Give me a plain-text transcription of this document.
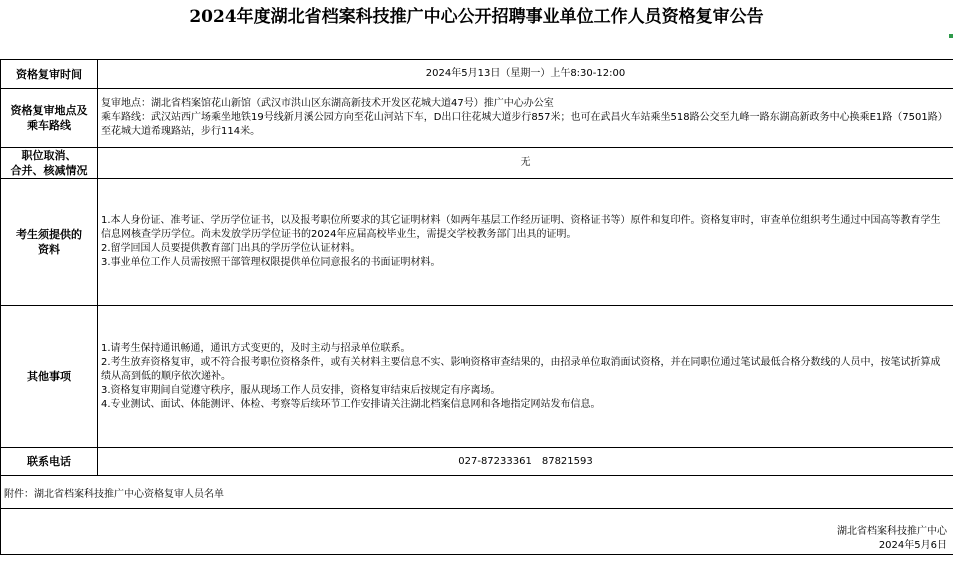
2024年度湖北省档案科技推广中心公开招聘事业单位工作人员资格复审公告
资格复审时间	2024年5月13日（星期一）上午8:30-12:00

资格复审地点及
乘车路线	复审地点：湖北省档案馆花山新馆（武汉市洪山区东湖高新技术开发区花城大道47号）推广中心办公室
乘车路线：武汉站西广场乘坐地铁19号线新月溪公园方向至花山河站下车，D出口往花城大道步行857米；也可在武昌火车站乘坐518路公交至九峰一路东湖高新政务中心换乘E1路（7501路）至花城大道希瑰路站，步行114米。

职位取消、
合并、核减情况	无

考生须提供的
资料	1.本人身份证、准考证、学历学位证书，以及报考职位所要求的其它证明材料（如两年基层工作经历证明、资格证书等）原件和复印件。资格复审时，审查单位组织考生通过中国高等教育学生信息网核查学历学位。尚未发放学历学位证书的2024年应届高校毕业生，需提交学校教务部门出具的证明。
2.留学回国人员要提供教育部门出具的学历学位认证材料。
3.事业单位工作人员需按照干部管理权限提供单位同意报名的书面证明材料。

其他事项	1.请考生保持通讯畅通，通讯方式变更的，及时主动与招录单位联系。
2.考生放弃资格复审，或不符合报考职位资格条件，或有关材料主要信息不实、影响资格审查结果的，由招录单位取消面试资格，并在同职位通过笔试最低合格分数线的人员中，按笔试折算成绩从高到低的顺序依次递补。
3.资格复审期间自觉遵守秩序，服从现场工作人员安排，资格复审结束后按规定有序离场。
4.专业测试、面试、体能测评、体检、考察等后续环节工作安排请关注湖北档案信息网和各地指定网站发布信息。

联系电话	027-87233361　87821593
附件：湖北省档案科技推广中心资格复审人员名单	

湖北省档案科技推广中心
2024年5月6日	
